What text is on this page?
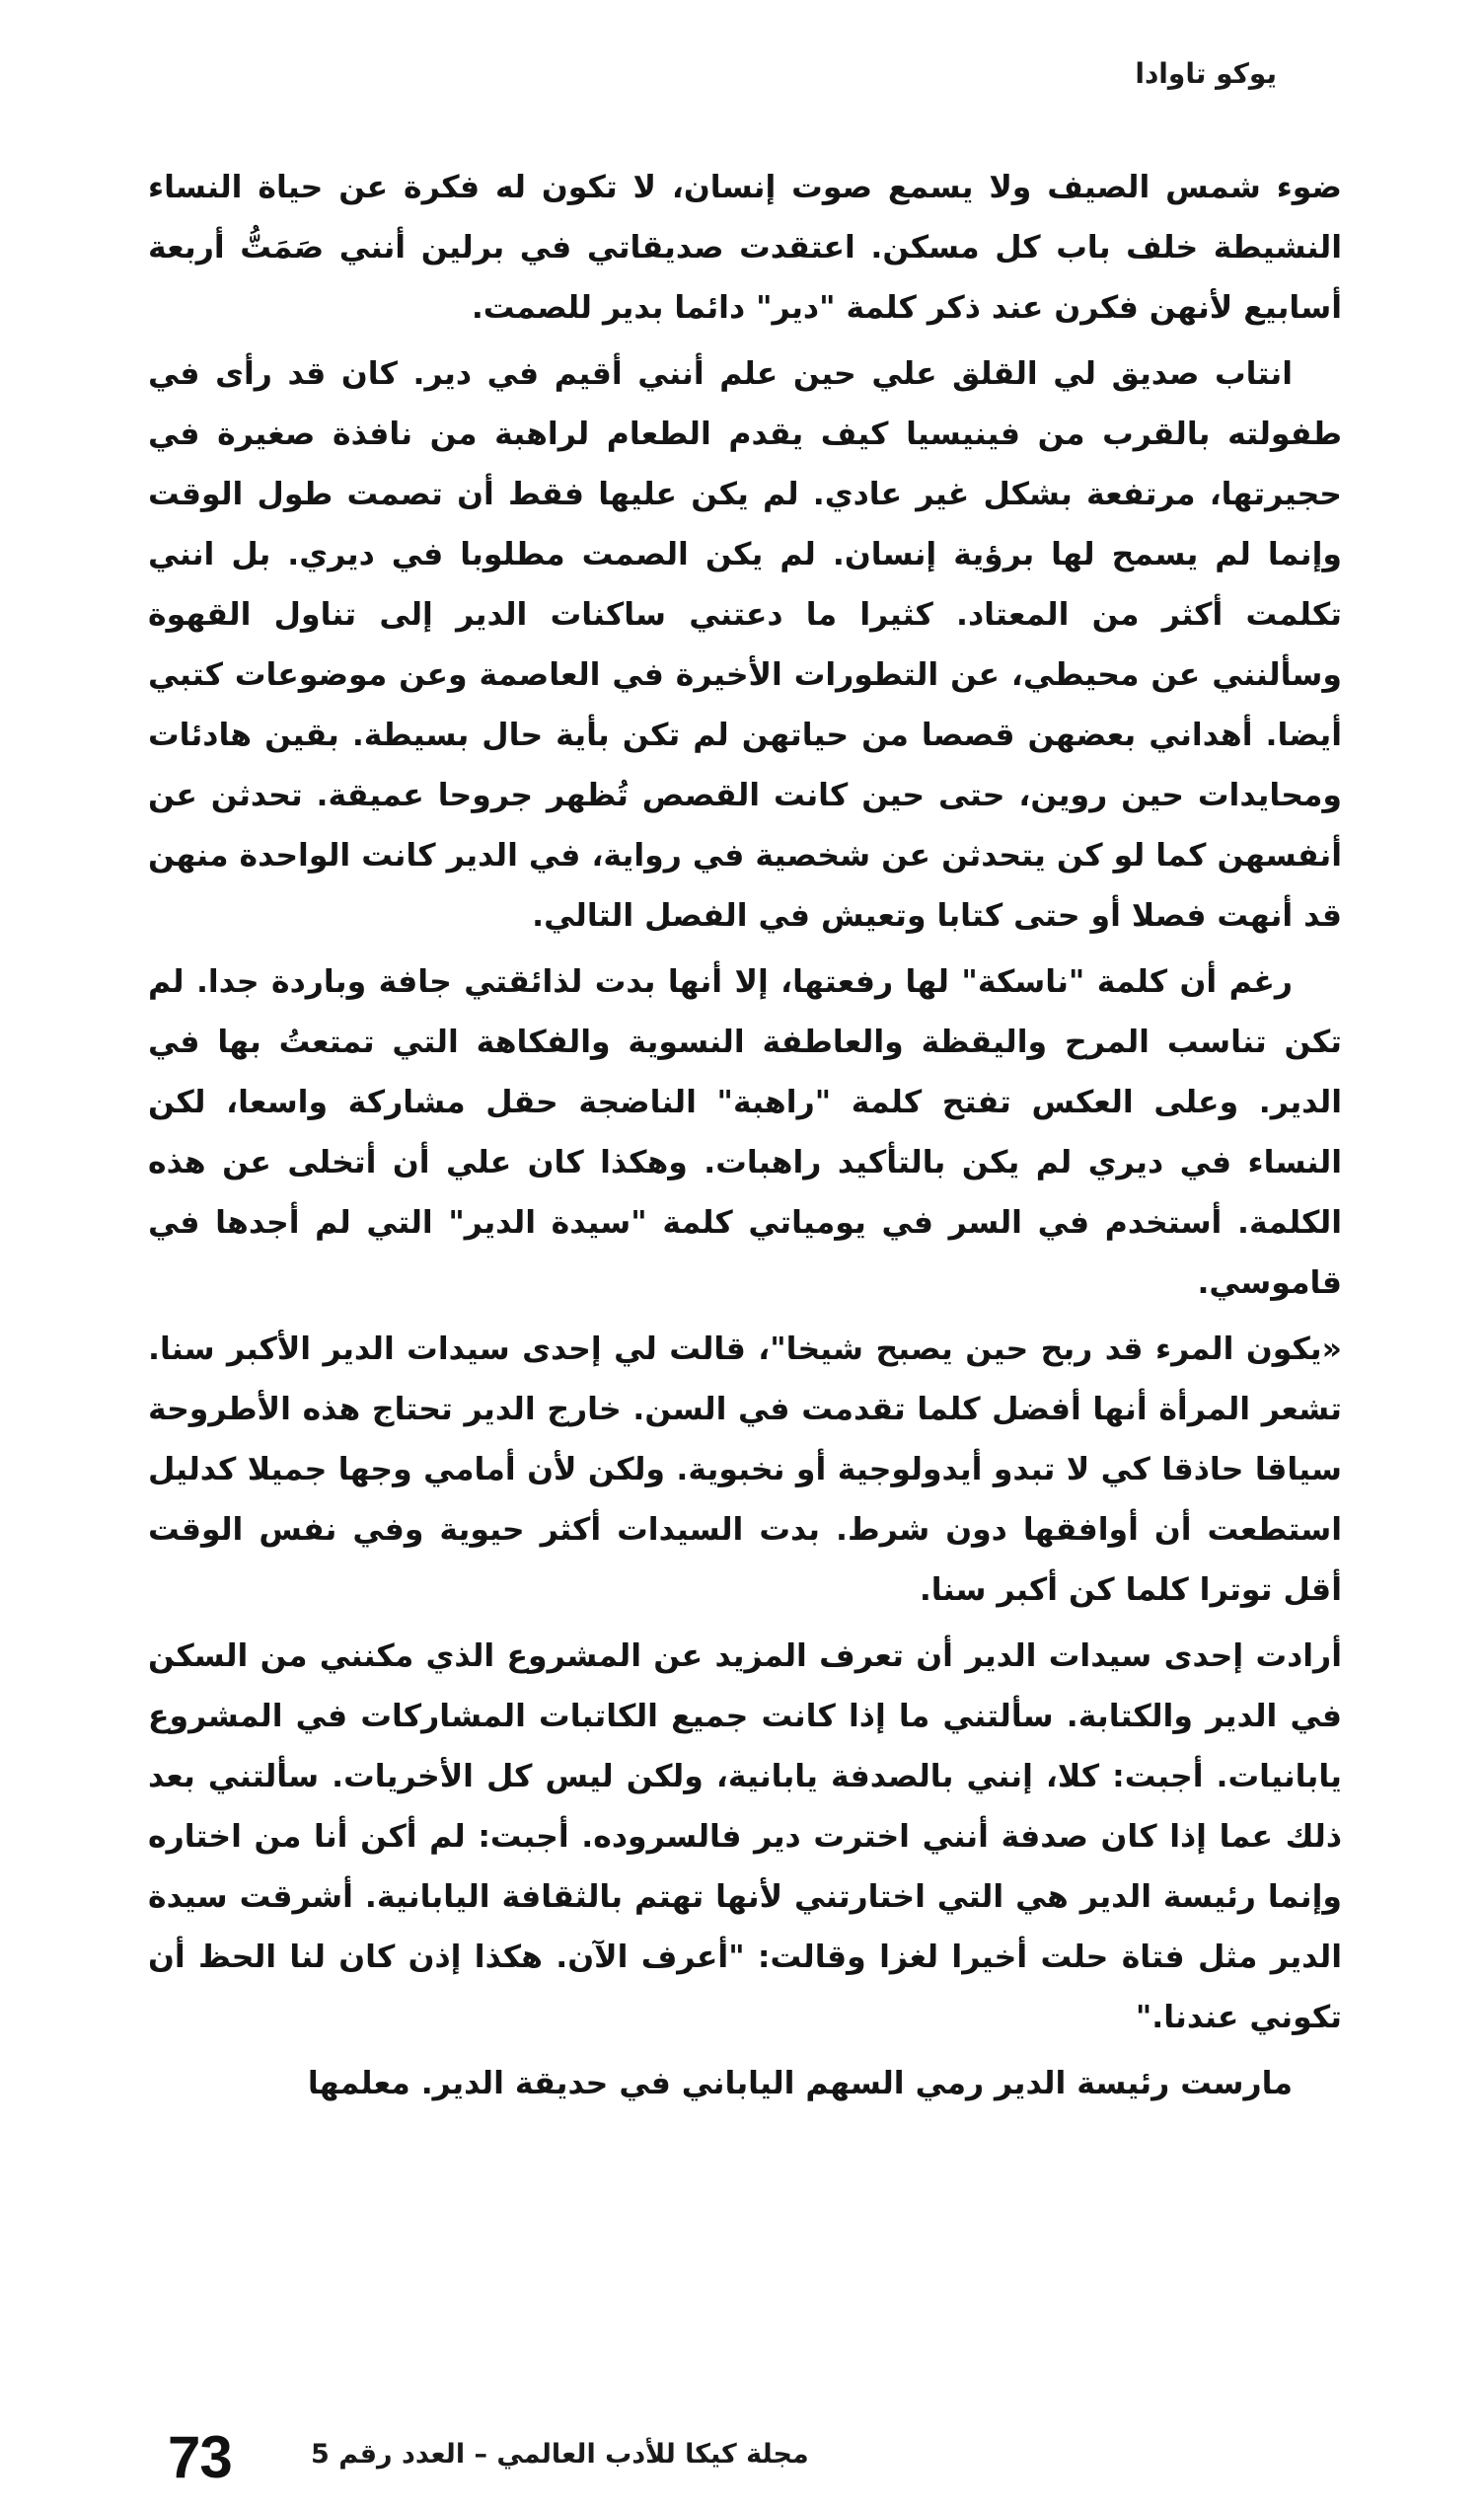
يوكو تاوادا

ضوء شمس الصيف ولا يسمع صوت إنسان، لا تكون له فكرة عن حياة النساء النشيطة خلف باب كل مسكن. اعتقدت صديقاتي في برلين أنني صَمَتُّ أربعة أسابيع لأنهن فكرن عند ذكر كلمة "دير" دائما بدير للصمت.

انتاب صديق لي القلق علي حين علم أنني أقيم في دير. كان قد رأى في طفولته بالقرب من فينيسيا كيف يقدم الطعام لراهبة من نافذة صغيرة في حجيرتها، مرتفعة بشكل غير عادي. لم يكن عليها فقط أن تصمت طول الوقت وإنما لم يسمح لها برؤية إنسان. لم يكن الصمت مطلوبا في ديري. بل انني تكلمت أكثر من المعتاد. كثيرا ما دعتني ساكنات الدير إلى تناول القهوة وسألنني عن محيطي، عن التطورات الأخيرة في العاصمة وعن موضوعات كتبي أيضا. أهداني بعضهن قصصا من حياتهن لم تكن بأية حال بسيطة. بقين هادئات ومحايدات حين روين، حتى حين كانت القصص تُظهر جروحا عميقة. تحدثن عن أنفسهن كما لو كن يتحدثن عن شخصية في رواية، في الدير كانت الواحدة منهن قد أنهت فصلا أو حتى كتابا وتعيش في الفصل التالي.

رغم أن كلمة "ناسكة" لها رفعتها، إلا أنها بدت لذائقتي جافة وباردة جدا. لم تكن تناسب المرح واليقظة والعاطفة النسوية والفكاهة التي تمتعتُ بها في الدير. وعلى العكس تفتح كلمة "راهبة" الناضجة حقل مشاركة واسعا، لكن النساء في ديري لم يكن بالتأكيد راهبات. وهكذا كان علي أن أتخلى عن هذه الكلمة. أستخدم في السر في يومياتي كلمة "سيدة الدير" التي لم أجدها في قاموسي.

«يكون المرء قد ربح حين يصبح شيخا"، قالت لي إحدى سيدات الدير الأكبر سنا. تشعر المرأة أنها أفضل كلما تقدمت في السن. خارج الدير تحتاج هذه الأطروحة سياقا حاذقا كي لا تبدو أيدولوجية أو نخبوية. ولكن لأن أمامي وجها جميلا كدليل استطعت أن أوافقها دون شرط. بدت السيدات أكثر حيوية وفي نفس الوقت أقل توترا كلما كن أكبر سنا.

أرادت إحدى سيدات الدير أن تعرف المزيد عن المشروع الذي مكنني من السكن في الدير والكتابة. سألتني ما إذا كانت جميع الكاتبات المشاركات في المشروع يابانيات. أجبت: كلا، إنني بالصدفة يابانية، ولكن ليس كل الأخريات. سألتني بعد ذلك عما إذا كان صدفة أنني اخترت دير فالسروده. أجبت: لم أكن أنا من اختاره وإنما رئيسة الدير هي التي اختارتني لأنها تهتم بالثقافة اليابانية. أشرقت سيدة الدير مثل فتاة حلت أخيرا لغزا وقالت: "أعرف الآن. هكذا إذن كان لنا الحظ أن تكوني عندنا."

مارست رئيسة الدير رمي السهم الياباني في حديقة الدير. معلمها

73	مجلة كيكا للأدب العالمي – العدد رقم 5
